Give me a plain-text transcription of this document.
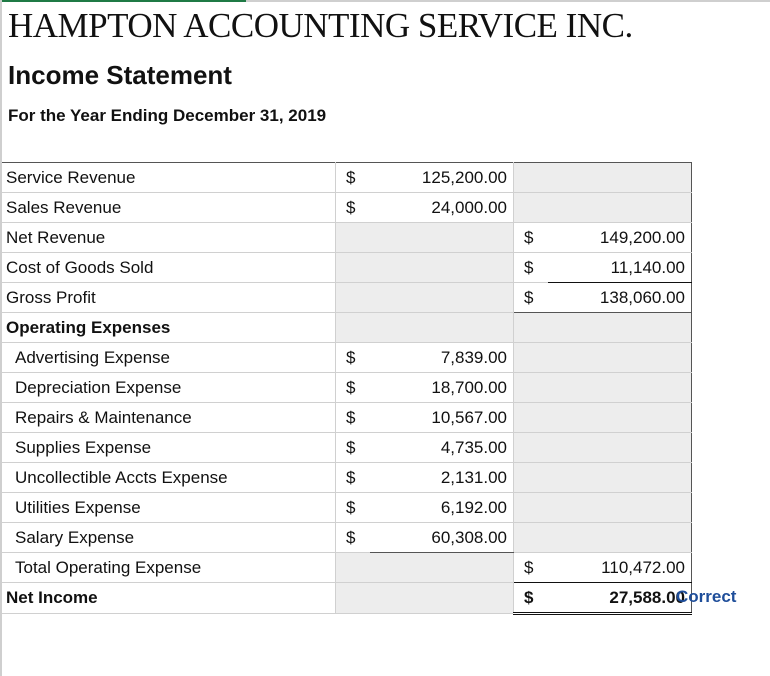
HAMPTON ACCOUNTING SERVICE INC.
Income Statement

For the Year Ending December 31, 2019

Service Revenue	$	125,200.00		
Sales Revenue	$	24,000.00		
Net Revenue			$	149,200.00
Cost of Goods Sold			$	11,140.00
Gross Profit			$	138,060.00
Operating Expenses				
Advertising Expense	$	7,839.00		
Depreciation Expense	$	18,700.00		
Repairs & Maintenance	$	10,567.00		
Supplies Expense	$	4,735.00		
Uncollectible Accts Expense	$	2,131.00		
Utilities Expense	$	6,192.00		
Salary Expense	$	60,308.00		
Total Operating Expense			$	110,472.00
Net Income			$	27,588.00
Correct
